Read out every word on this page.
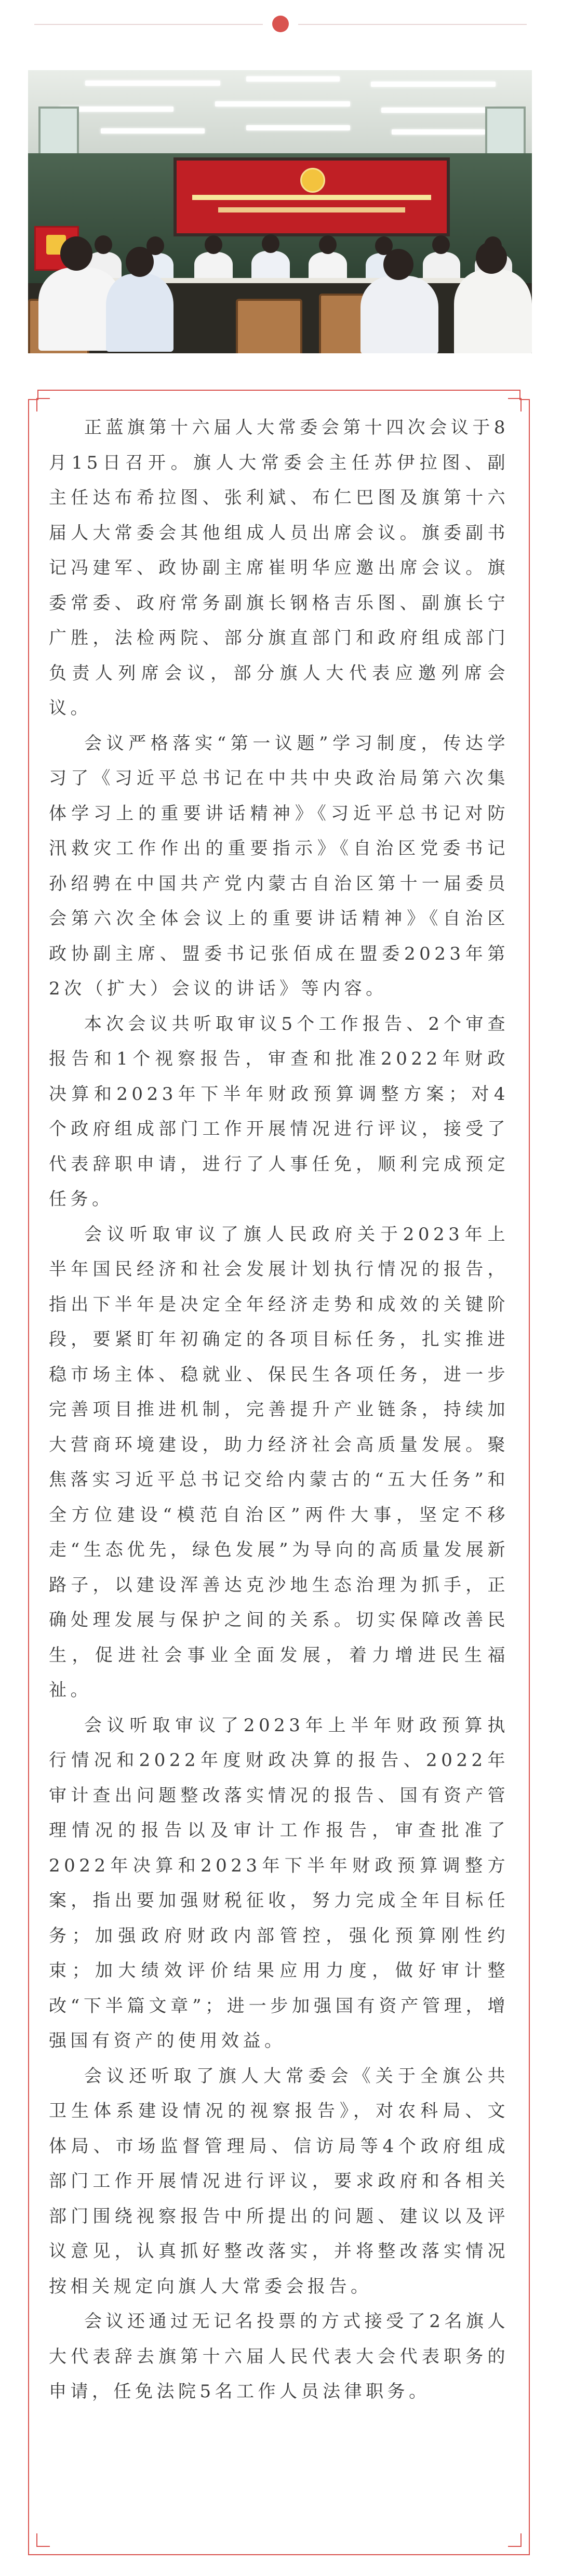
正蓝旗第十六届人大常委会第十四次会议于8月15日召开。旗人大常委会主任苏伊拉图、副主任达布希拉图、张利斌、布仁巴图及旗第十六届人大常委会其他组成人员出席会议。旗委副书记冯建军、政协副主席崔明华应邀出席会议。旗委常委、政府常务副旗长钢格吉乐图、副旗长宁广胜，法检两院、部分旗直部门和政府组成部门负责人列席会议，部分旗人大代表应邀列席会议。

会议严格落实“第一议题”学习制度，传达学习了《习近平总书记在中共中央政治局第六次集体学习上的重要讲话精神》《习近平总书记对防汛救灾工作作出的重要指示》《自治区党委书记孙绍骋在中国共产党内蒙古自治区第十一届委员会第六次全体会议上的重要讲话精神》《自治区政协副主席、盟委书记张佰成在盟委2023年第2次（扩大）会议的讲话》等内容。

本次会议共听取审议5个工作报告、2个审查报告和1个视察报告，审查和批准2022年财政决算和2023年下半年财政预算调整方案；对4个政府组成部门工作开展情况进行评议，接受了代表辞职申请，进行了人事任免，顺利完成预定任务。

会议听取审议了旗人民政府关于2023年上半年国民经济和社会发展计划执行情况的报告，指出下半年是决定全年经济走势和成效的关键阶段，要紧盯年初确定的各项目标任务，扎实推进稳市场主体、稳就业、保民生各项任务，进一步完善项目推进机制，完善提升产业链条，持续加大营商环境建设，助力经济社会高质量发展。聚焦落实习近平总书记交给内蒙古的“五大任务”和全方位建设“模范自治区”两件大事，坚定不移走“生态优先，绿色发展”为导向的高质量发展新路子，以建设浑善达克沙地生态治理为抓手，正确处理发展与保护之间的关系。切实保障改善民生，促进社会事业全面发展，着力增进民生福祉。

会议听取审议了2023年上半年财政预算执行情况和2022年度财政决算的报告、2022年审计查出问题整改落实情况的报告、国有资产管理情况的报告以及审计工作报告，审查批准了2022年决算和2023年下半年财政预算调整方案，指出要加强财税征收，努力完成全年目标任务；加强政府财政内部管控，强化预算刚性约束；加大绩效评价结果应用力度，做好审计整改“下半篇文章”；进一步加强国有资产管理，增强国有资产的使用效益。

会议还听取了旗人大常委会《关于全旗公共卫生体系建设情况的视察报告》，对农科局、文体局、市场监督管理局、信访局等4个政府组成部门工作开展情况进行评议，要求政府和各相关部门围绕视察报告中所提出的问题、建议以及评议意见，认真抓好整改落实，并将整改落实情况按相关规定向旗人大常委会报告。

会议还通过无记名投票的方式接受了2名旗人大代表辞去旗第十六届人民代表大会代表职务的申请，任免法院5名工作人员法律职务。
